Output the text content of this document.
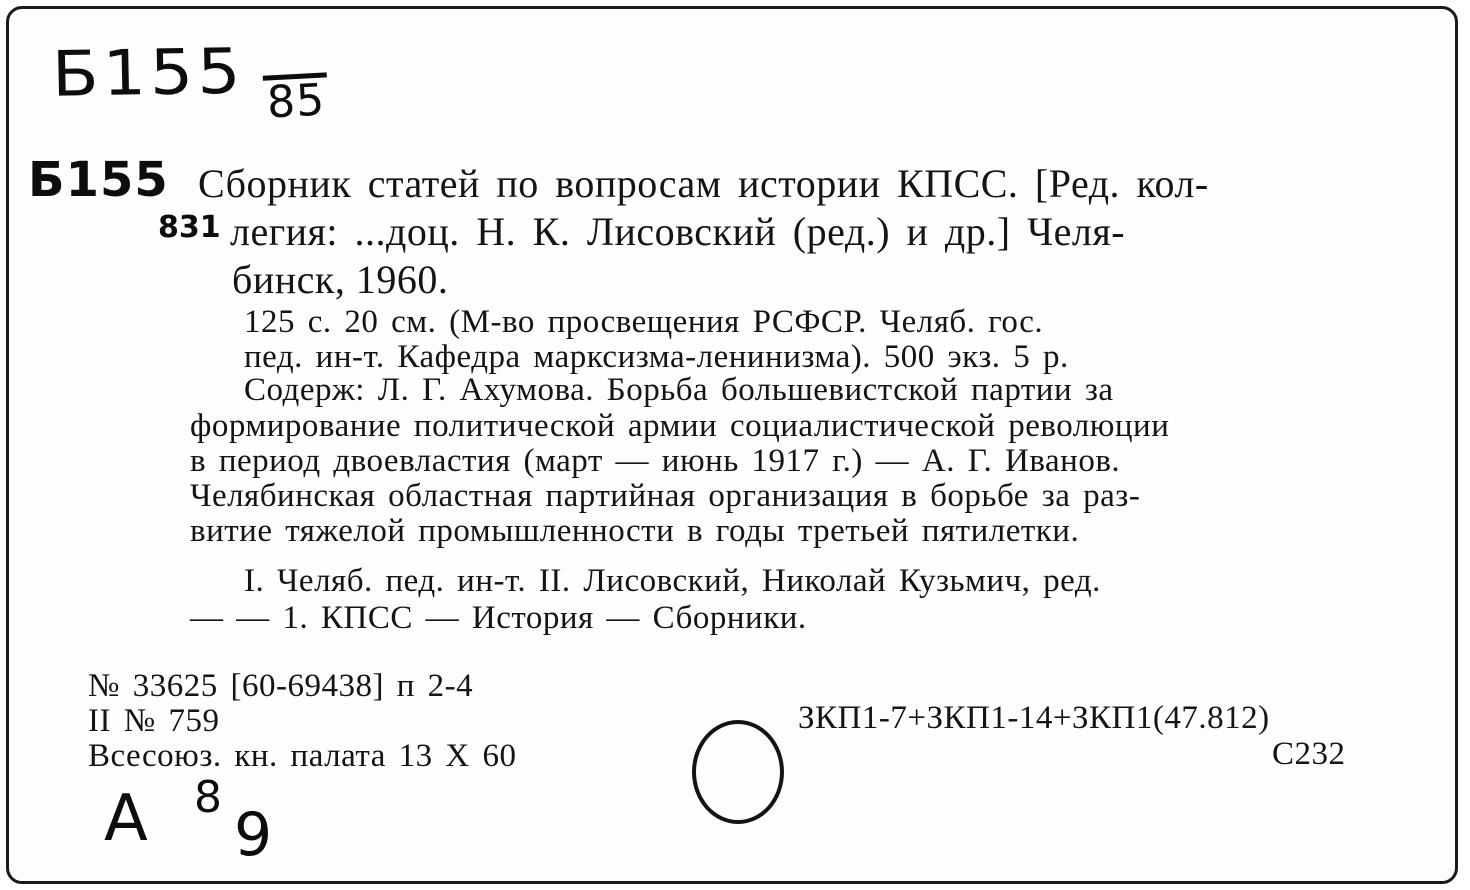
Б155 85
Б155
831
Сборник статей по вопросам истории КПСС. [Ред. кол-
легия: ...доц. Н. К. Лисовский (ред.) и др.] Челя-
бинск, 1960.
125 с. 20 см. (М-во просвещения РСФСР. Челяб. гос.
пед. ин-т. Кафедра марксизма-ленинизма). 500 экз. 5 р.
Содерж: Л. Г. Ахумова. Борьба большевистской партии за
формирование политической армии социалистической революции
в период двоевластия (март — июнь 1917 г.) — А. Г. Иванов.
Челябинская областная партийная организация в борьбе за раз-
витие тяжелой промышленности в годы третьей пятилетки.
I. Челяб. пед. ин-т. II. Лисовский, Николай Кузьмич, ред.
— — 1. КПСС — История — Сборники.
№ 33625 [60-69438] п 2-4
II № 759
Всесоюз. кн. палата 13 X 60
ЗКП1-7+ЗКП1-14+ЗКП1(47.812)
С232
А 8
9
